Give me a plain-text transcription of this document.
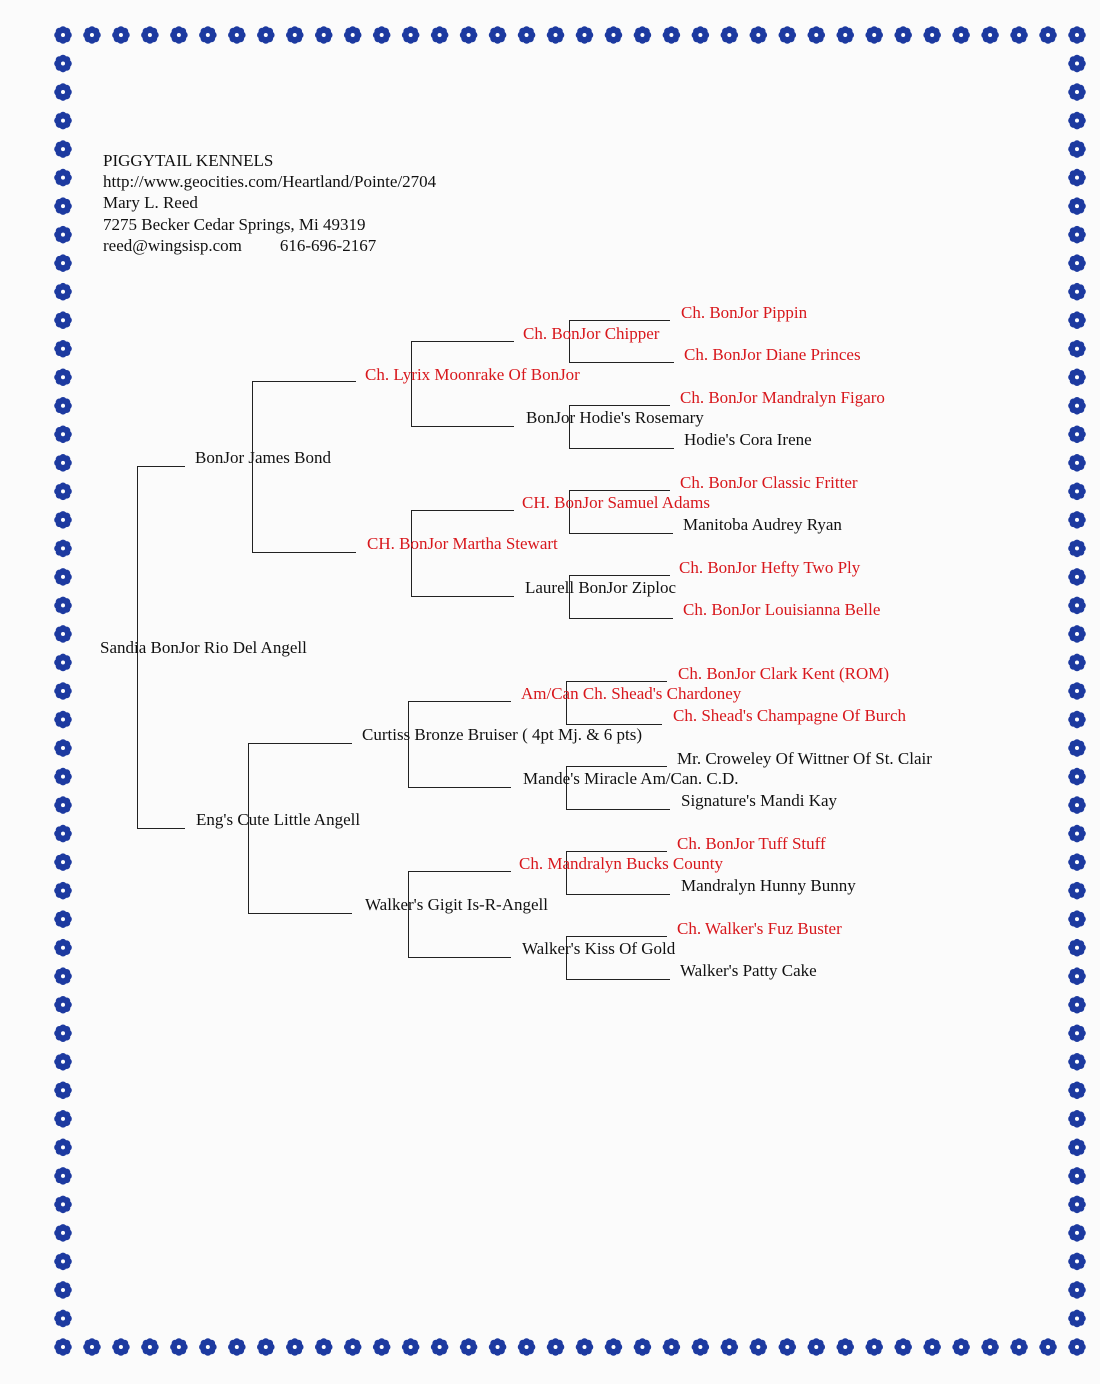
PIGGYTAIL KENNELS
http://www.geocities.com/Heartland/Pointe/2704
Mary L. Reed
7275 Becker Cedar Springs, Mi 49319
reed@wingsisp.com 616-696-2167
Sandia BonJor Rio Del Angell
BonJor James Bond
Eng's Cute Little Angell
Ch. Lyrix Moonrake Of BonJor
CH. BonJor Martha Stewart
Curtiss Bronze Bruiser ( 4pt Mj. & 6 pts)
Walker's Gigit Is-R-Angell
Ch. BonJor Chipper
BonJor Hodie's Rosemary
CH. BonJor Samuel Adams
Laurell BonJor Ziploc
Am/Can Ch. Shead's Chardoney
Mande's Miracle Am/Can. C.D.
Ch. Mandralyn Bucks County
Walker's Kiss Of Gold
Ch. BonJor Pippin
Ch. BonJor Diane Princes
Ch. BonJor Mandralyn Figaro
Hodie's Cora Irene
Ch. BonJor Classic Fritter
Manitoba Audrey Ryan
Ch. BonJor Hefty Two Ply
Ch. BonJor Louisianna Belle
Ch. BonJor Clark Kent (ROM)
Ch. Shead's Champagne Of Burch
Mr. Croweley Of Wittner Of St. Clair
Signature's Mandi Kay
Ch. BonJor Tuff Stuff
Mandralyn Hunny Bunny
Ch. Walker's Fuz Buster
Walker's Patty Cake
